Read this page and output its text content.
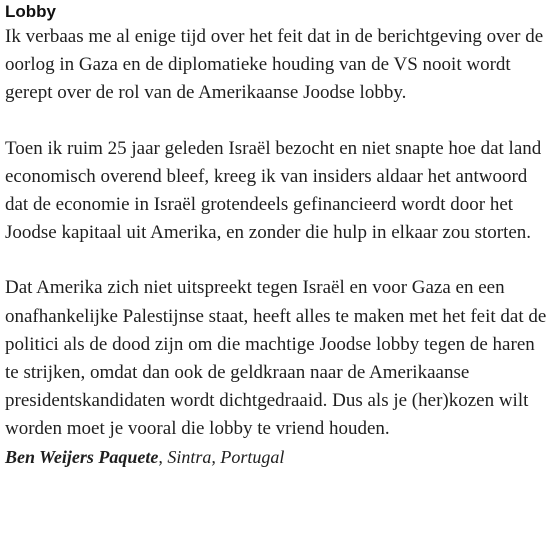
Lobby

Ik verbaas me al enige tijd over het feit dat in de berichtgeving over de oorlog in Gaza en de diplomatieke houding van de VS nooit wordt gerept over de rol van de Amerikaanse Joodse lobby.

Toen ik ruim 25 jaar geleden Israël bezocht en niet snapte hoe dat land economisch overend bleef, kreeg ik van insiders aldaar het antwoord dat de economie in Israël grotendeels gefinancieerd wordt door het Joodse kapitaal uit Amerika, en zonder die hulp in elkaar zou storten.

Dat Amerika zich niet uitspreekt tegen Israël en voor Gaza en een onafhankelijke Palestijnse staat, heeft alles te maken met het feit dat de politici als de dood zijn om die machtige Joodse lobby tegen de haren te strijken, omdat dan ook de geldkraan naar de Amerikaanse presidentskandidaten wordt dichtgedraaid. Dus als je (her)kozen wilt worden moet je vooral die lobby te vriend houden.

Ben Weijers Paquete, Sintra, Portugal
